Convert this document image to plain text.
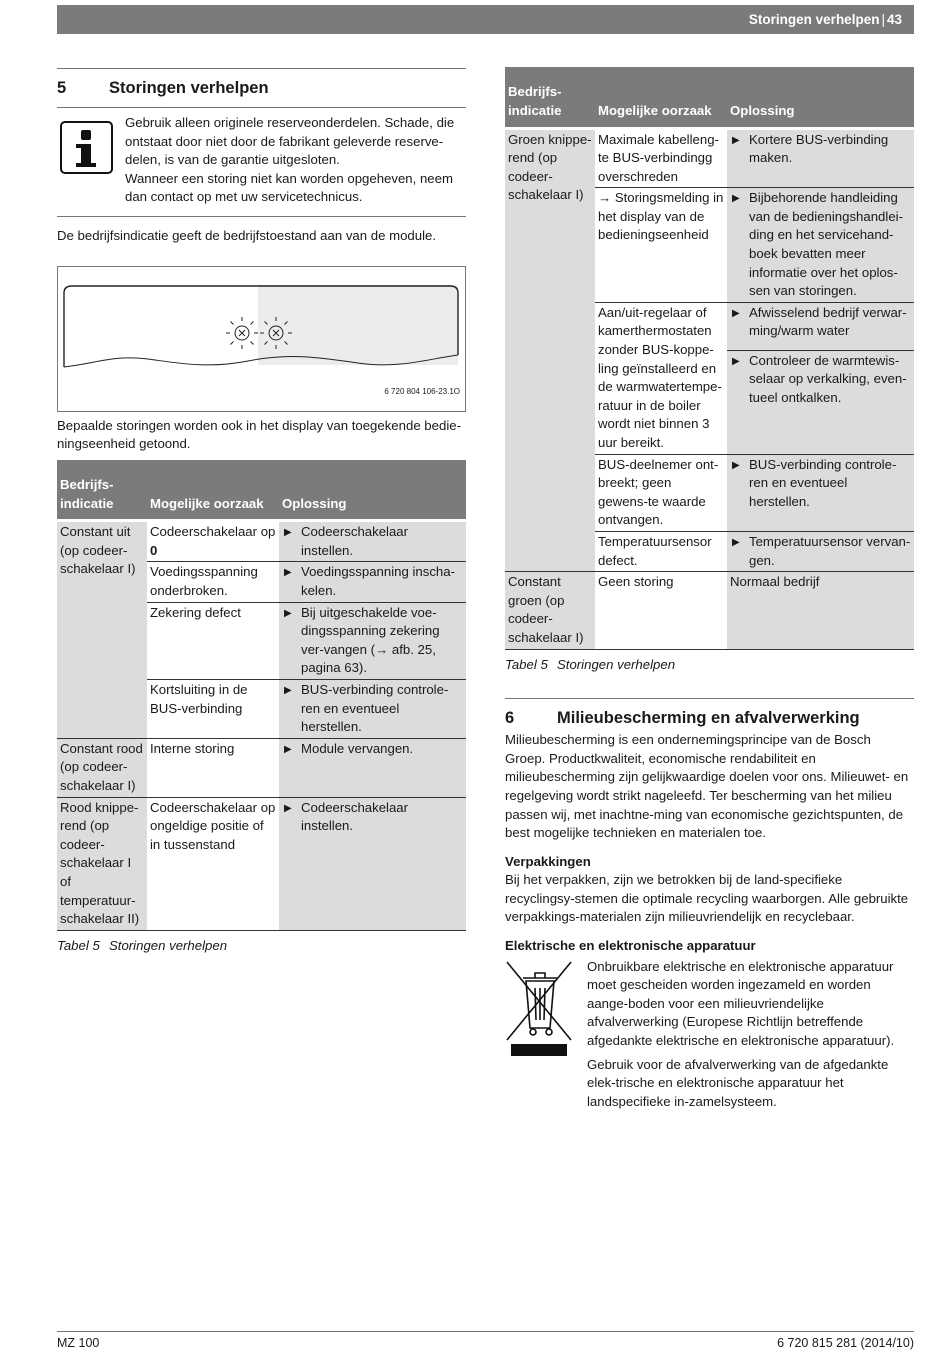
Storingen verhelpen | 43
5	Storingen verhelpen

Gebruik alleen originele reserveonderdelen. Schade, die ontstaat door niet door de fabrikant geleverde reserve-delen, is van de garantie uitgesloten.

Wanneer een storing niet kan worden opgeheven, neem dan contact op met uw servicetechnicus.

De bedrijfsindicatie geeft de bedrijfstoestand aan van de module.

6 720 804 106-23.1O

Bepaalde storingen worden ook in het display van toegekende bedie-ningseenheid getoond.

Bedrijfs-indicatie	Mogelijke oorzaak	Oplossing
Constant uit (op codeer-schakelaar I)	Codeerschakelaar op 0	▶ Codeerschakelaar instellen.
	Voedingsspanning onderbroken.	▶ Voedingsspanning inscha-kelen.
	Zekering defect	▶ Bij uitgeschakelde voe-dingsspanning zekering ver-vangen (→ afb. 25, pagina 63).
	Kortsluiting in de BUS-verbinding	▶ BUS-verbinding controle-ren en eventueel herstellen.
Constant rood (op codeer-schakelaar I)	Interne storing	▶ Module vervangen.
Rood knippe-rend (op codeer-schakelaar I of temperatuur-schakelaar II)	Codeerschakelaar op ongeldige positie of in tussenstand	▶ Codeerschakelaar instellen.

Tabel 5 Storingen verhelpen

Bedrijfs-indicatie	Mogelijke oorzaak	Oplossing
Groen knippe-rend (op codeer-schakelaar I)	Maximale kabelleng-te BUS-verbindingg overschreden	▶ Kortere BUS-verbinding maken.
	→ Storingsmelding in het display van de bedieningseenheid	▶ Bijbehorende handleiding van de bedieningshandlei-ding en het servicehand-boek bevatten meer informatie over het oplos-sen van storingen.
	Aan/uit-regelaar of kamerthermostaten zonder BUS-koppe-ling geïnstalleerd en de warmwatertempe-ratuur in de boiler wordt niet binnen 3 uur bereikt.	▶ Afwisselend bedrijf verwar-ming/warm water

		▶ Controleer de warmtewis-selaar op verkalking, even-tueel ontkalken.
	BUS-deelnemer ont-breekt; geen gewens-te waarde ontvangen.	▶ BUS-verbinding controle-ren en eventueel herstellen.
	Temperatuursensor defect.	▶ Temperatuursensor vervan-gen.
Constant groen (op codeer-schakelaar I)	Geen storing	Normaal bedrijf

Tabel 5 Storingen verhelpen

6	Milieubescherming en afvalverwerking

Milieubescherming is een ondernemingsprincipe van de Bosch Groep. Productkwaliteit, economische rendabiliteit en milieubescherming zijn gelijkwaardige doelen voor ons. Milieuwet- en regelgeving wordt strikt nageleefd. Ter bescherming van het milieu passen wij, met inachtne-ming van economische gezichtspunten, de best mogelijke technieken en materialen toe.

Verpakkingen

Bij het verpakken, zijn we betrokken bij de land-specifieke recyclingsy-stemen die optimale recycling waarborgen. Alle gebruikte verpakkings-materialen zijn milieuvriendelijk en recyclebaar.

Elektrische en elektronische apparatuur

Onbruikbare elektrische en elektronische apparatuur moet gescheiden worden ingezameld en worden aange-boden voor een milieuvriendelijke afvalverwerking (Europese Richtlijn betreffende afgedankte elektrische en elektronische apparatuur).

Gebruik voor de afvalverwerking van de afgedankte elek-trische en elektronische apparatuur het landspecifieke in-zamelsysteem.

MZ 100	6 720 815 281 (2014/10)
